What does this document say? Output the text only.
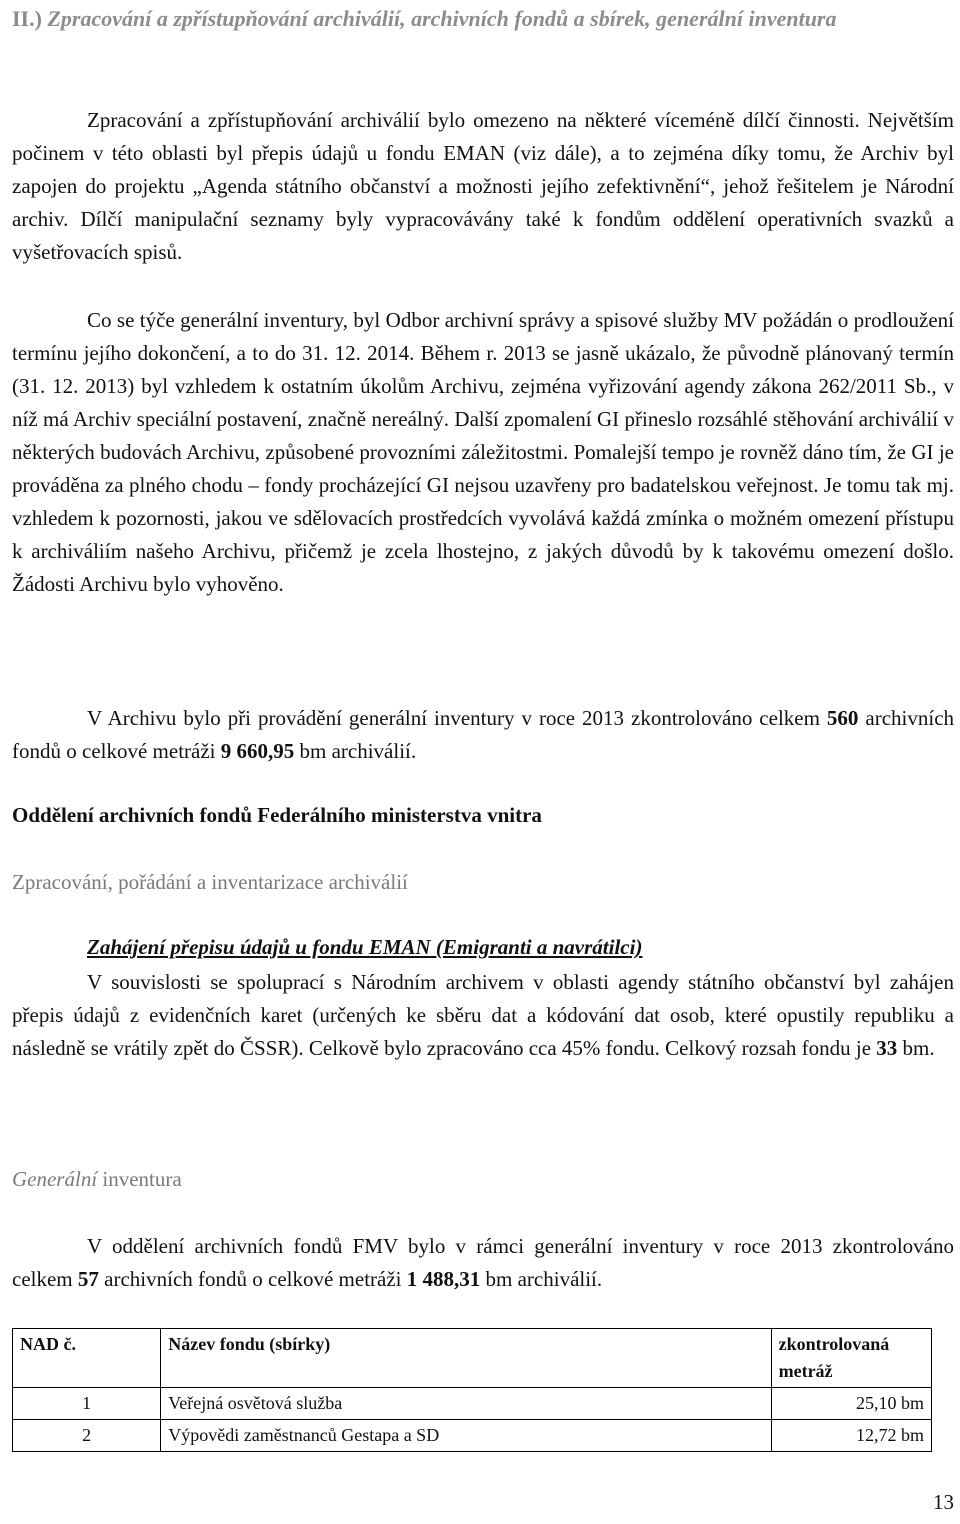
II.) Zpracování a zpřístupňování archiválií, archivních fondů a sbírek, generální inventura

Zpracování a zpřístupňování archiválií bylo omezeno na některé víceméně dílčí činnosti. Největším počinem v této oblasti byl přepis údajů u fondu EMAN (viz dále), a to zejména díky tomu, že Archiv byl zapojen do projektu „Agenda státního občanství a možnosti jejího zefektivnění“, jehož řešitelem je Národní archiv. Dílčí manipulační seznamy byly vypracovávány také k fondům oddělení operativních svazků a vyšetřovacích spisů.

Co se týče generální inventury, byl Odbor archivní správy a spisové služby MV požádán o prodloužení termínu jejího dokončení, a to do 31. 12. 2014. Během r. 2013 se jasně ukázalo, že původně plánovaný termín (31. 12. 2013) byl vzhledem k ostatním úkolům Archivu, zejména vyřizování agendy zákona 262/2011 Sb., v níž má Archiv speciální postavení, značně nereálný. Další zpomalení GI přineslo rozsáhlé stěhování archiválií v některých budovách Archivu, způsobené provozními záležitostmi. Pomalejší tempo je rovněž dáno tím, že GI je prováděna za plného chodu – fondy procházející GI nejsou uzavřeny pro badatelskou veřejnost. Je tomu tak mj. vzhledem k pozornosti, jakou ve sdělovacích prostředcích vyvolává každá zmínka o možném omezení přístupu k archiváliím našeho Archivu, přičemž je zcela lhostejno, z jakých důvodů by k takovému omezení došlo. Žádosti Archivu bylo vyhověno.

V Archivu bylo při provádění generální inventury v roce 2013 zkontrolováno celkem 560 archivních fondů o celkové metráži 9 660,95 bm archiválií.

Oddělení archivních fondů Federálního ministerstva vnitra
Zpracování, pořádání a inventarizace archiválií
Zahájení přepisu údajů u fondu EMAN (Emigranti a navrátilci)

V souvislosti se spoluprací s Národním archivem v oblasti agendy státního občanství byl zahájen přepis údajů z evidenčních karet (určených ke sběru dat a kódování dat osob, které opustily republiku a následně se vrátily zpět do ČSSR). Celkově bylo zpracováno cca 45% fondu. Celkový rozsah fondu je 33 bm.

Generální inventura

V oddělení archivních fondů FMV bylo v rámci generální inventury v roce 2013 zkontrolováno celkem 57 archivních fondů o celkové metráži 1 488,31 bm archiválií.

NAD č.	Název fondu (sbírky)	zkontrolovaná metráž
1	Veřejná osvětová služba	25,10 bm
2	Výpovědi zaměstnanců Gestapa a SD	12,72 bm
13
